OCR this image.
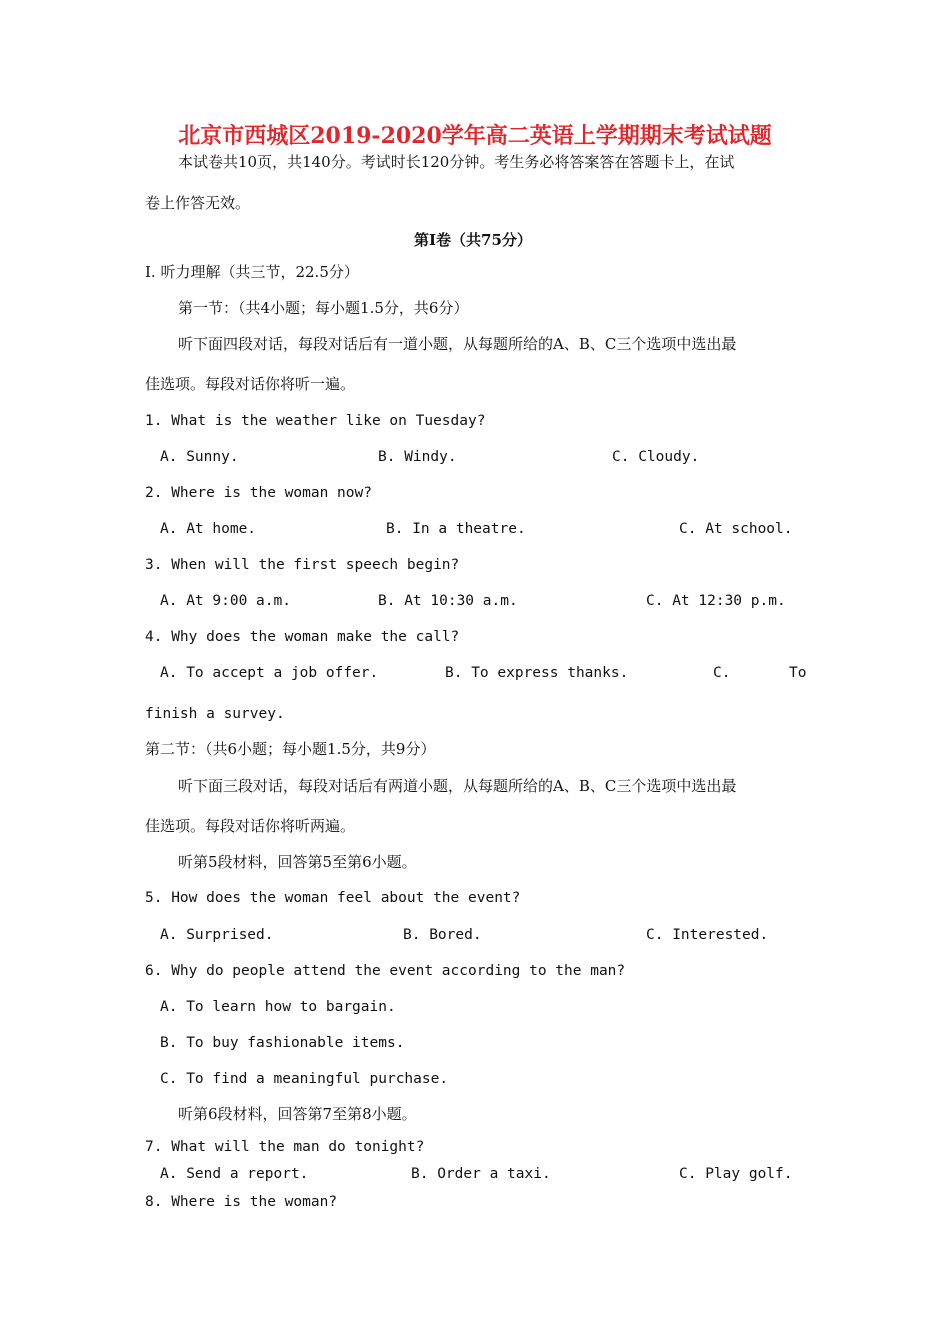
北京市西城区2019-2020学年高二英语上学期期末考试试题
本试卷共10页，共140分。考试时长120分钟。考生务必将答案答在答题卡上，在试
卷上作答无效。
第Ⅰ卷（共75分）
I. 听力理解（共三节，22.5分）
第一节：（共4小题；每小题1.5分，共6分）
听下面四段对话，每段对话后有一道小题，从每题所给的A、B、C三个选项中选出最
佳选项。每段对话你将听一遍。
1. What is the weather like on Tuesday?
A. Sunny.	B. Windy.	C. Cloudy.
2. Where is the woman now?
A. At home.	B. In a theatre.	C. At school.
3. When will the first speech begin?
A. At 9:00 a.m.	B. At 10:30 a.m.	C. At 12:30 p.m.
4. Why does the woman make the call?
A. To accept a job offer.	B. To express thanks.	C.	To
finish a survey.
第二节：（共6小题；每小题1.5分，共9分）
听下面三段对话，每段对话后有两道小题，从每题所给的A、B、C三个选项中选出最
佳选项。每段对话你将听两遍。
听第5段材料，回答第5至第6小题。
5. How does the woman feel about the event?
A. Surprised.	B. Bored.	C. Interested.
6. Why do people attend the event according to the man?
A. To learn how to bargain.
B. To buy fashionable items.
C. To find a meaningful purchase.
听第6段材料，回答第7至第8小题。
7. What will the man do tonight?
A. Send a report.	B. Order a taxi.	C. Play golf.
8. Where is the woman?
